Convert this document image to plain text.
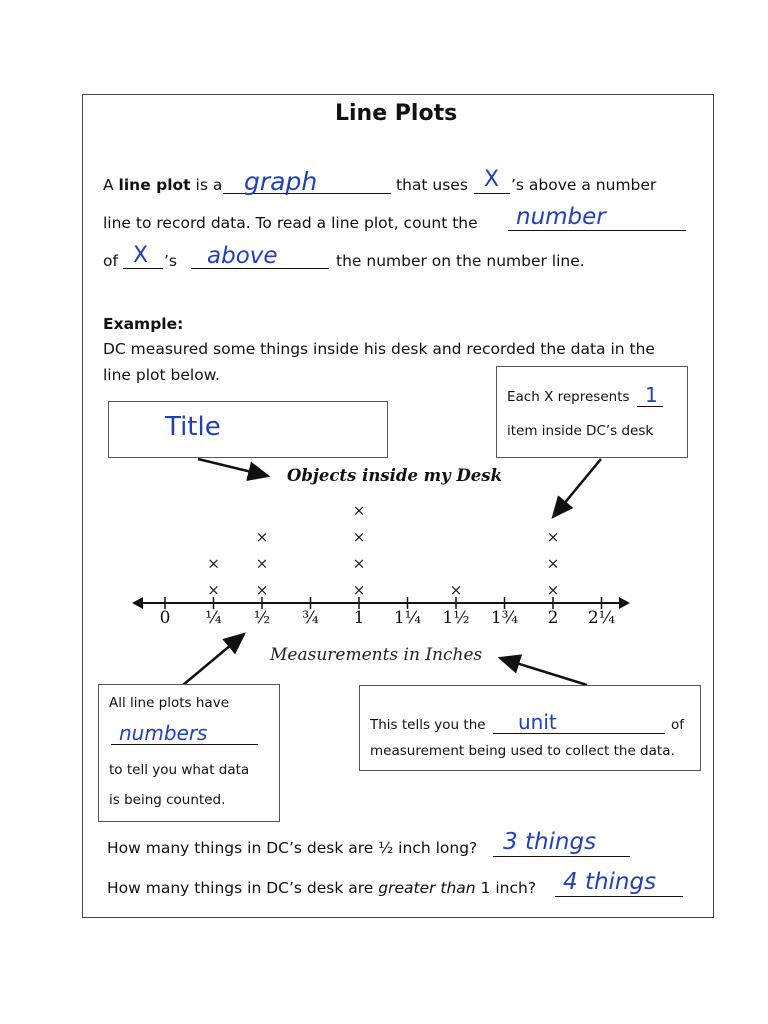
Line Plots
A line plot is a graph	that uses X ’s above a number
line to record data. To read a line plot, count the number
of X ’s above	the number on the number line.
Example:
DC measured some things inside his desk and recorded the data in the
line plot below.
Title
Each X represents 1
item inside DC’s desk
Objects inside my Desk
0 ¼ ½ ¾ 1 1¼ 1½ 1¾ 2 2¼
×
×
×
×
×
×
×
×
×
×	×
×
×
Measurements in Inches
All line plots have
numbers
to tell you what data
is being counted.
This tells you the unit	of
measurement being used to collect the data.
How many things in DC’s desk are ½ inch long? 3 things
How many things in DC’s desk are greater than 1 inch? 4 things
